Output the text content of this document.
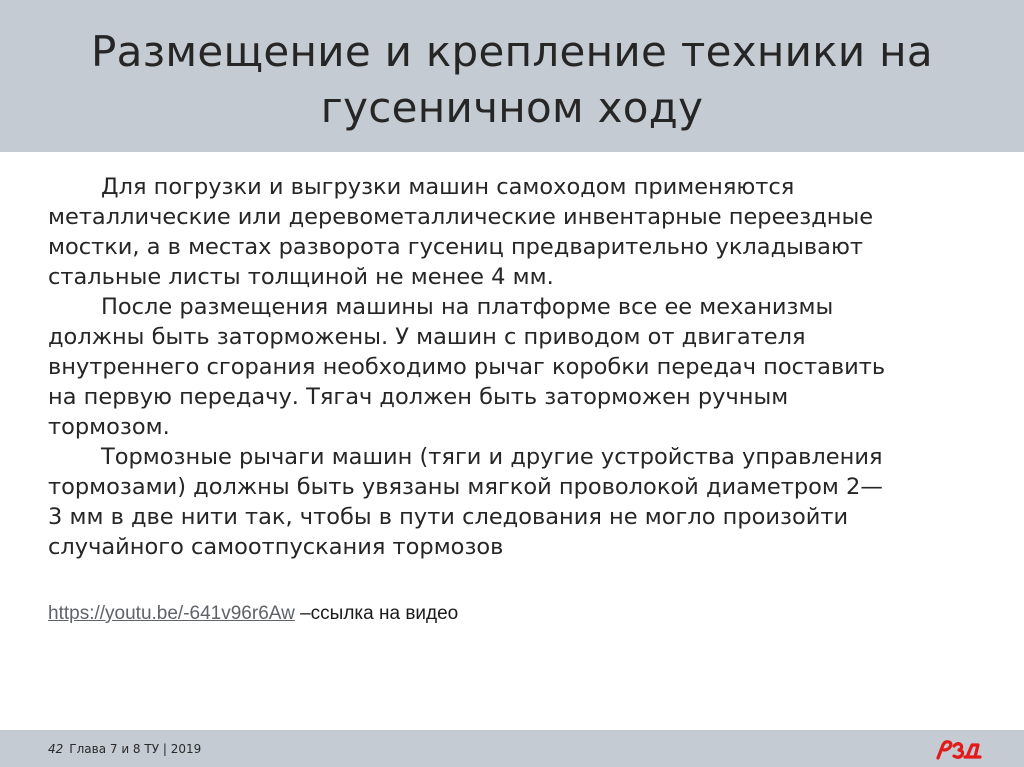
Размещение и крепление техники на
гусеничном ходу

Для погрузки и выгрузки машин самоходом применяются
металлические или деревометаллические инвентарные переездные
мостки, а в местах разворота гусениц предварительно укладывают
стальные листы толщиной не менее 4 мм.

После размещения машины на платформе все ее механизмы
должны быть заторможены. У машин с приводом от двигателя
внутреннего сгорания необходимо рычаг коробки передач поставить
на первую передачу. Тягач должен быть заторможен ручным
тормозом.

Тормозные рычаги машин (тяги и другие устройства управления
тормозами) должны быть увязаны мягкой проволокой диаметром 2—
3 мм в две нити так, чтобы в пути следования не могло произойти
случайного самоотпускания тормозов

https://youtu.be/-641v96r6Aw –ссылка на видео
42 Глава 7 и 8 ТУ | 2019
